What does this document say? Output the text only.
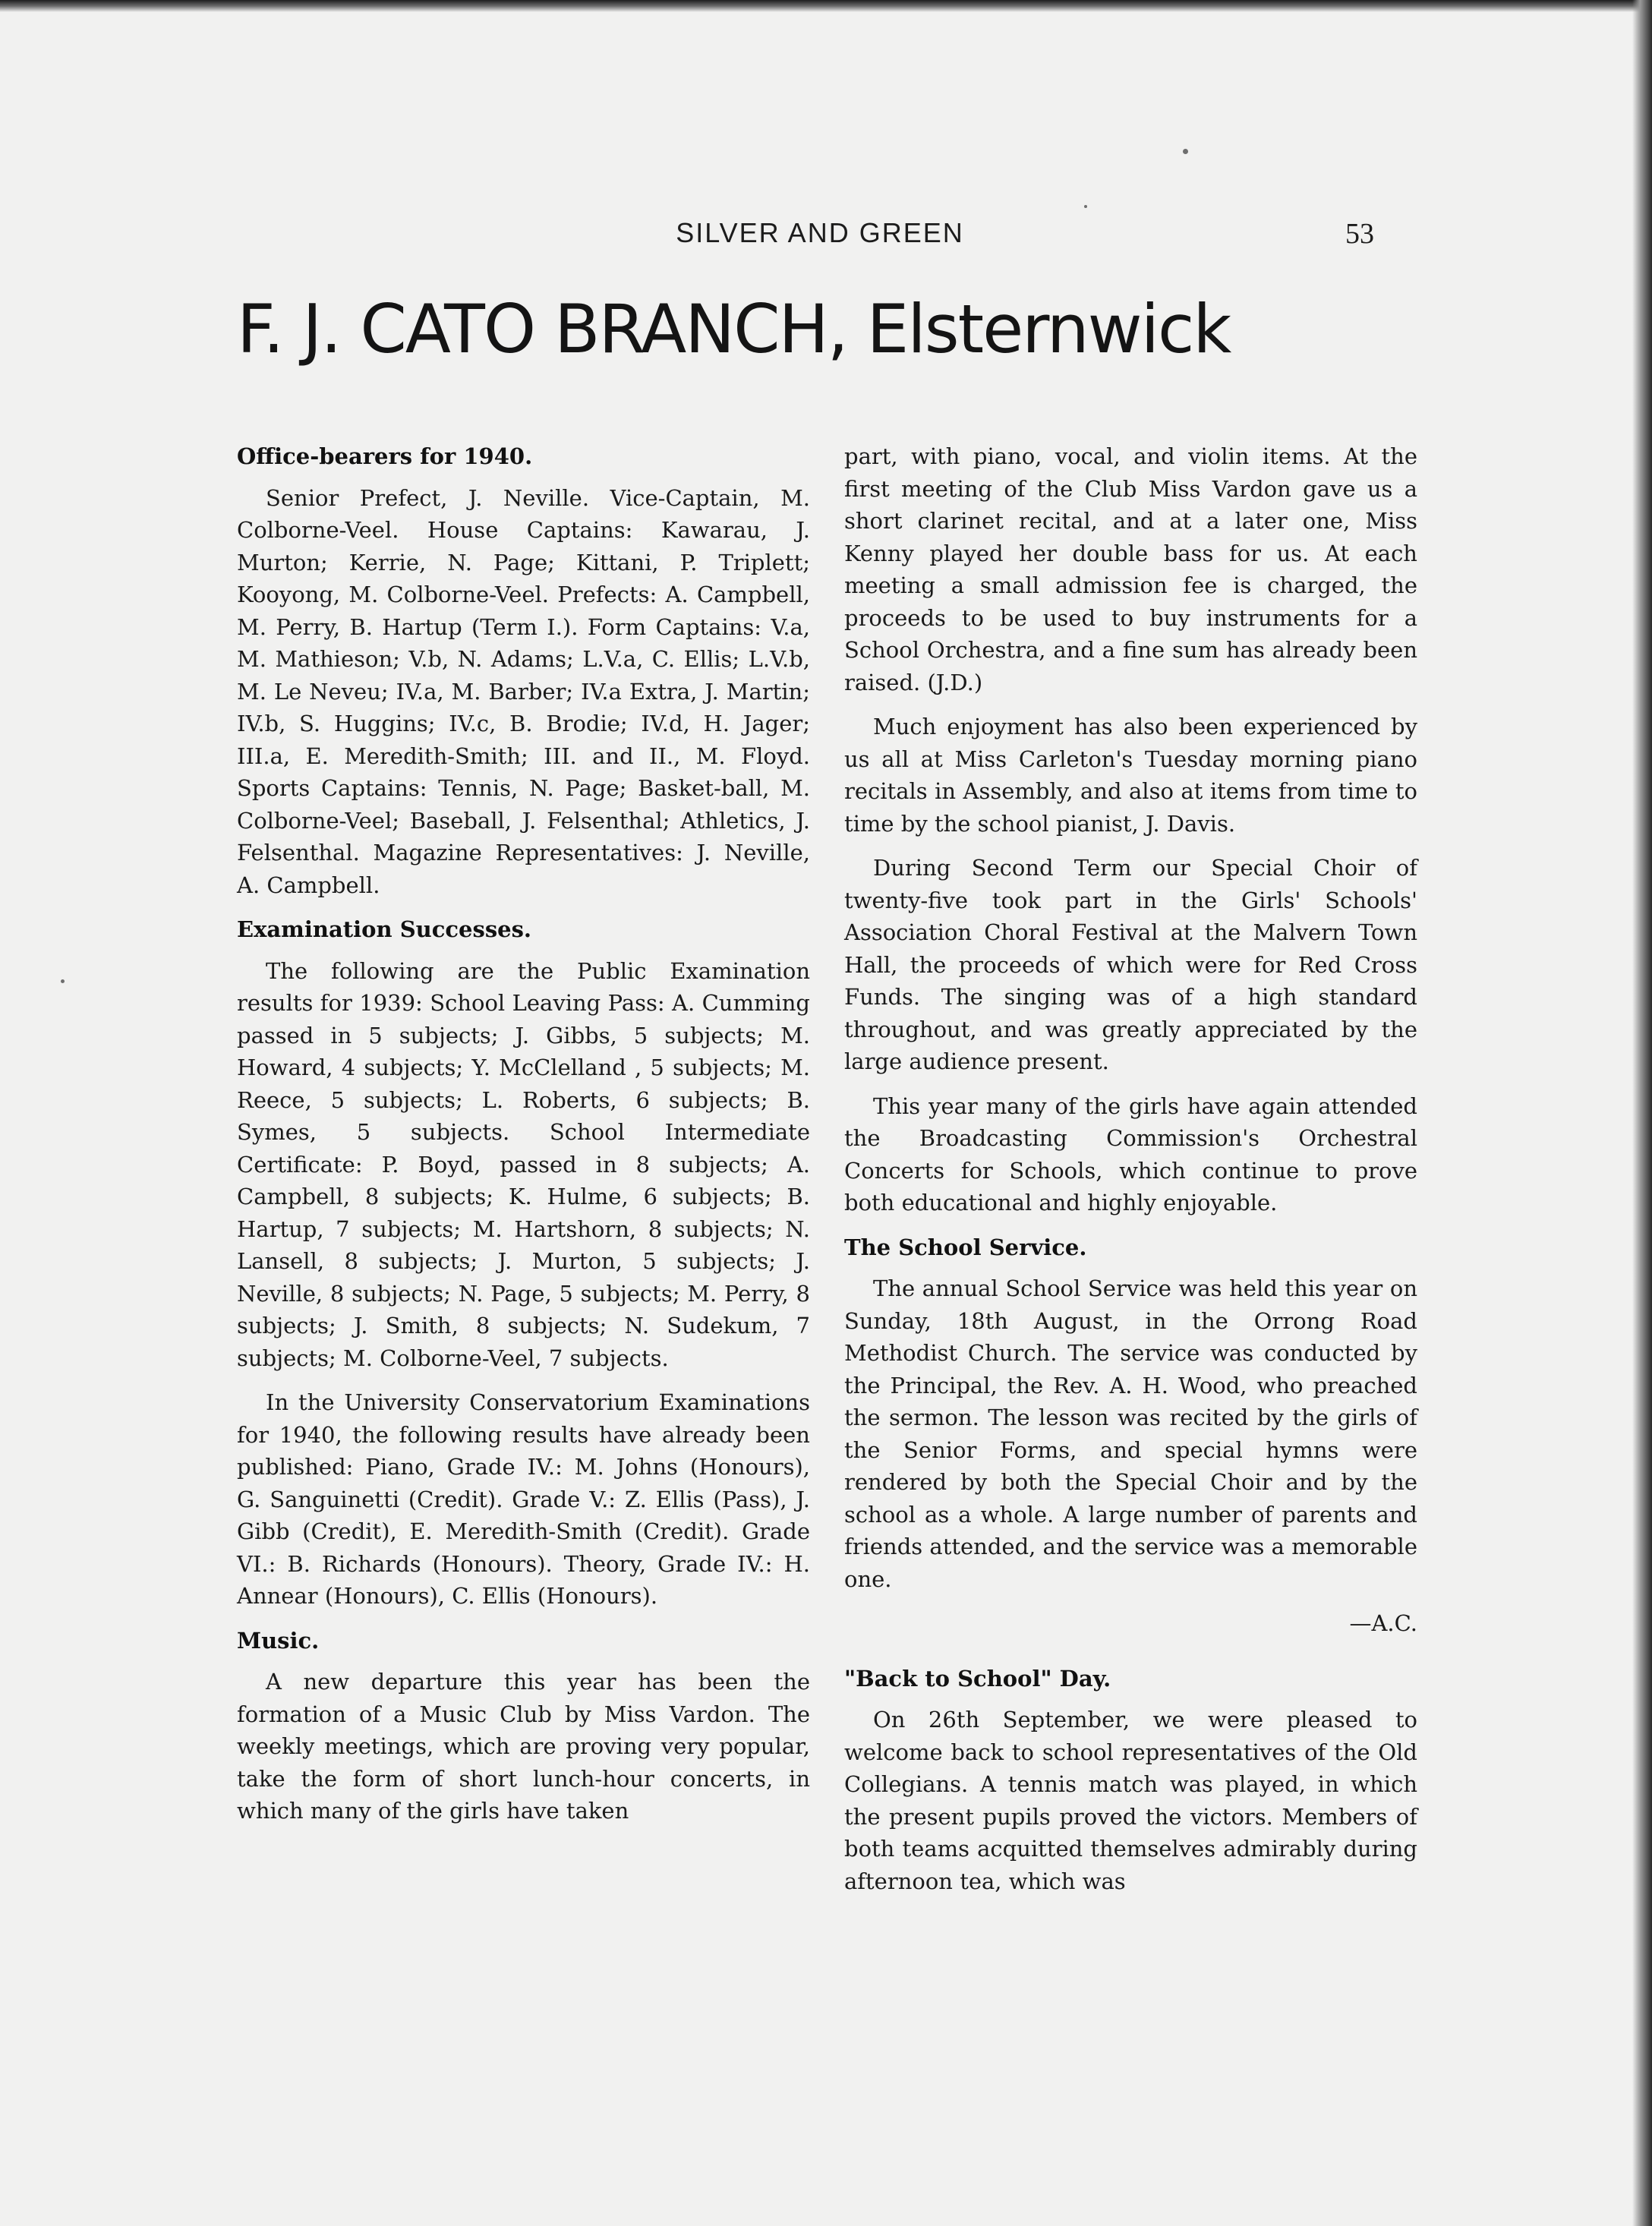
SILVER AND GREEN	53
F. J. CATO BRANCH, Elsternwick
Office-bearers for 1940.

Senior Prefect, J. Neville. Vice-Captain, M. Colborne-Veel. House Captains: Kawarau, J. Murton; Kerrie, N. Page; Kittani, P. Triplett; Kooyong, M. Colborne-Veel. Prefects: A. Campbell, M. Perry, B. Hartup (Term I.). Form Captains: V.a, M. Mathieson; V.b, N. Adams; L.V.a, C. Ellis; L.V.b, M. Le Neveu; IV.a, M. Barber; IV.a Extra, J. Martin; IV.b, S. Huggins; IV.c, B. Brodie; IV.d, H. Jager; III.a, E. Meredith-Smith; III. and II., M. Floyd. Sports Captains: Tennis, N. Page; Basket-ball, M. Colborne-Veel; Baseball, J. Felsenthal; Athletics, J. Felsenthal. Magazine Representatives: J. Neville, A. Campbell.

Examination Successes.

The following are the Public Examination results for 1939: School Leaving Pass: A. Cumming passed in 5 subjects; J. Gibbs, 5 subjects; M. Howard, 4 subjects; Y. McClelland , 5 subjects; M. Reece, 5 subjects; L. Roberts, 6 subjects; B. Symes, 5 subjects. School Intermediate Certificate: P. Boyd, passed in 8 subjects; A. Campbell, 8 subjects; K. Hulme, 6 subjects; B. Hartup, 7 subjects; M. Hartshorn, 8 subjects; N. Lansell, 8 subjects; J. Murton, 5 subjects; J. Neville, 8 subjects; N. Page, 5 subjects; M. Perry, 8 subjects; J. Smith, 8 subjects; N. Sudekum, 7 subjects; M. Colborne-Veel, 7 subjects.

In the University Conservatorium Examinations for 1940, the following results have already been published: Piano, Grade IV.: M. Johns (Honours), G. Sanguinetti (Credit). Grade V.: Z. Ellis (Pass), J. Gibb (Credit), E. Meredith-Smith (Credit). Grade VI.: B. Richards (Honours). Theory, Grade IV.: H. Annear (Honours), C. Ellis (Honours).

Music.

A new departure this year has been the formation of a Music Club by Miss Vardon. The weekly meetings, which are proving very popular, take the form of short lunch-hour concerts, in which many of the girls have taken

part, with piano, vocal, and violin items. At the first meeting of the Club Miss Vardon gave us a short clarinet recital, and at a later one, Miss Kenny played her double bass for us. At each meeting a small admission fee is charged, the proceeds to be used to buy instruments for a School Orchestra, and a fine sum has already been raised. (J.D.)

Much enjoyment has also been experienced by us all at Miss Carleton's Tuesday morning piano recitals in Assembly, and also at items from time to time by the school pianist, J. Davis.

During Second Term our Special Choir of twenty-five took part in the Girls' Schools' Association Choral Festival at the Malvern Town Hall, the proceeds of which were for Red Cross Funds. The singing was of a high standard throughout, and was greatly appreciated by the large audience present.

This year many of the girls have again attended the Broadcasting Commission's Orchestral Concerts for Schools, which continue to prove both educational and highly enjoyable.

The School Service.

The annual School Service was held this year on Sunday, 18th August, in the Orrong Road Methodist Church. The service was conducted by the Principal, the Rev. A. H. Wood, who preached the sermon. The lesson was recited by the girls of the Senior Forms, and special hymns were rendered by both the Special Choir and by the school as a whole. A large number of parents and friends attended, and the service was a memorable one.

—A.C.

"Back to School" Day.

On 26th September, we were pleased to welcome back to school representatives of the Old Collegians. A tennis match was played, in which the present pupils proved the victors. Members of both teams acquitted themselves admirably during afternoon tea, which was
